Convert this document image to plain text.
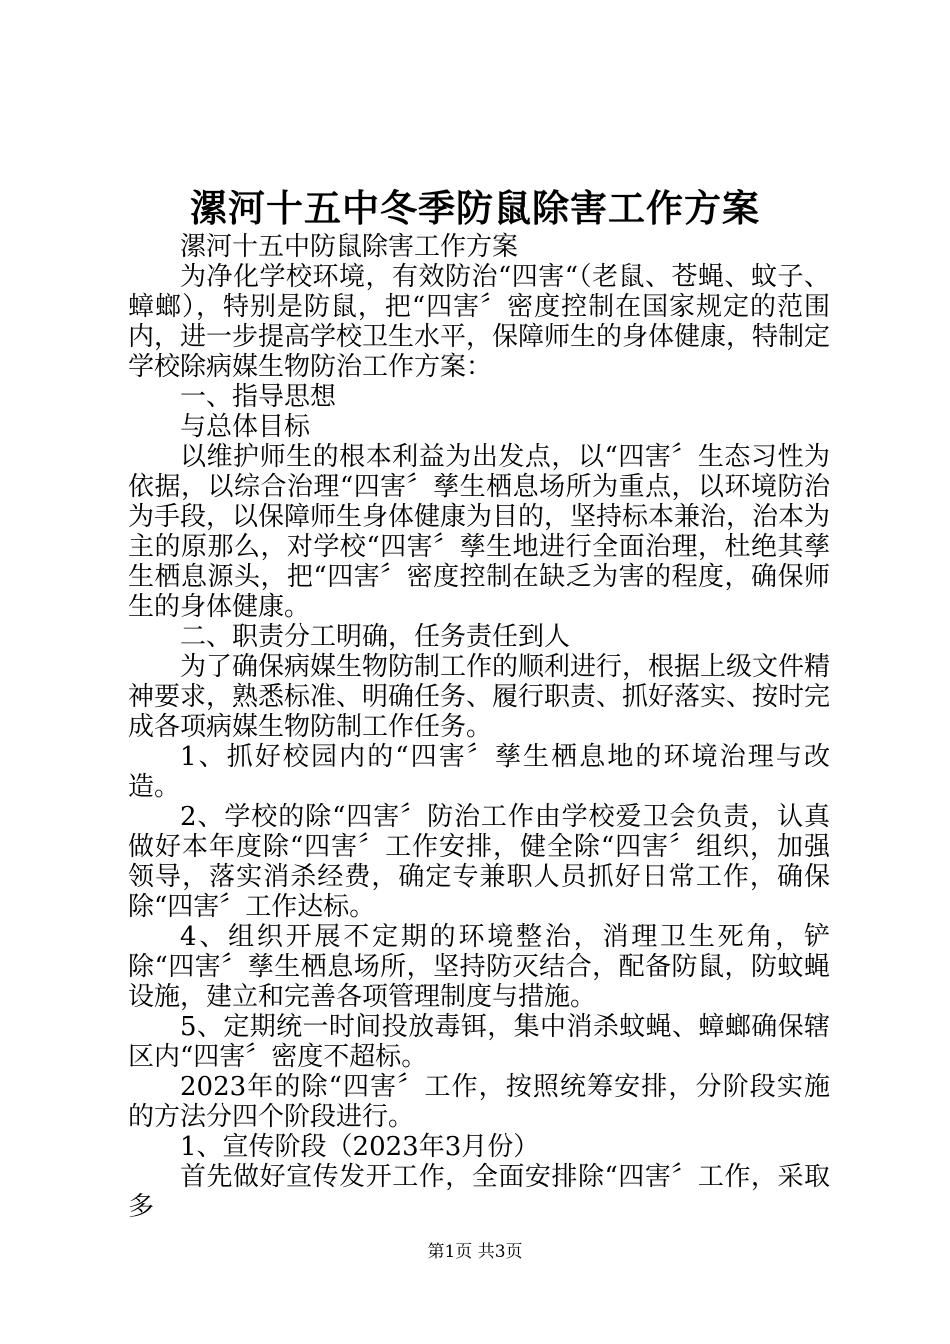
漯河十五中冬季防鼠除害工作方案

漯河十五中防鼠除害工作方案

为净化学校环境，有效防治“四害“（老鼠、苍蝇、蚊子、蟑螂），特别是防鼠，把“四害〞密度控制在国家规定的范围内，进一步提高学校卫生水平，保障师生的身体健康，特制定学校除病媒生物防治工作方案：

一、指导思想

与总体目标

以维护师生的根本利益为出发点，以“四害〞生态习性为依据，以综合治理“四害〞孳生栖息场所为重点，以环境防治为手段，以保障师生身体健康为目的，坚持标本兼治，治本为主的原那么，对学校“四害〞孳生地进行全面治理，杜绝其孳生栖息源头，把“四害〞密度控制在缺乏为害的程度，确保师生的身体健康。

二、职责分工明确，任务责任到人

为了确保病媒生物防制工作的顺利进行，根据上级文件精神要求，熟悉标准、明确任务、履行职责、抓好落实、按时完成各项病媒生物防制工作任务。

1、抓好校园内的“四害〞孳生栖息地的环境治理与改造。

2、学校的除“四害〞防治工作由学校爱卫会负责，认真做好本年度除“四害〞工作安排，健全除“四害〞组织，加强领导，落实消杀经费，确定专兼职人员抓好日常工作，确保除“四害〞工作达标。

4、组织开展不定期的环境整治，消理卫生死角，铲除“四害〞孳生栖息场所，坚持防灭结合，配备防鼠，防蚊蝇设施，建立和完善各项管理制度与措施。

5、定期统一时间投放毒铒，集中消杀蚊蝇、蟑螂确保辖区内“四害〞密度不超标。

2023年的除“四害〞工作，按照统筹安排，分阶段实施的方法分四个阶段进行。

1、宣传阶段（2023年3月份）

首先做好宣传发开工作，全面安排除“四害〞工作，采取多

第1页 共3页
